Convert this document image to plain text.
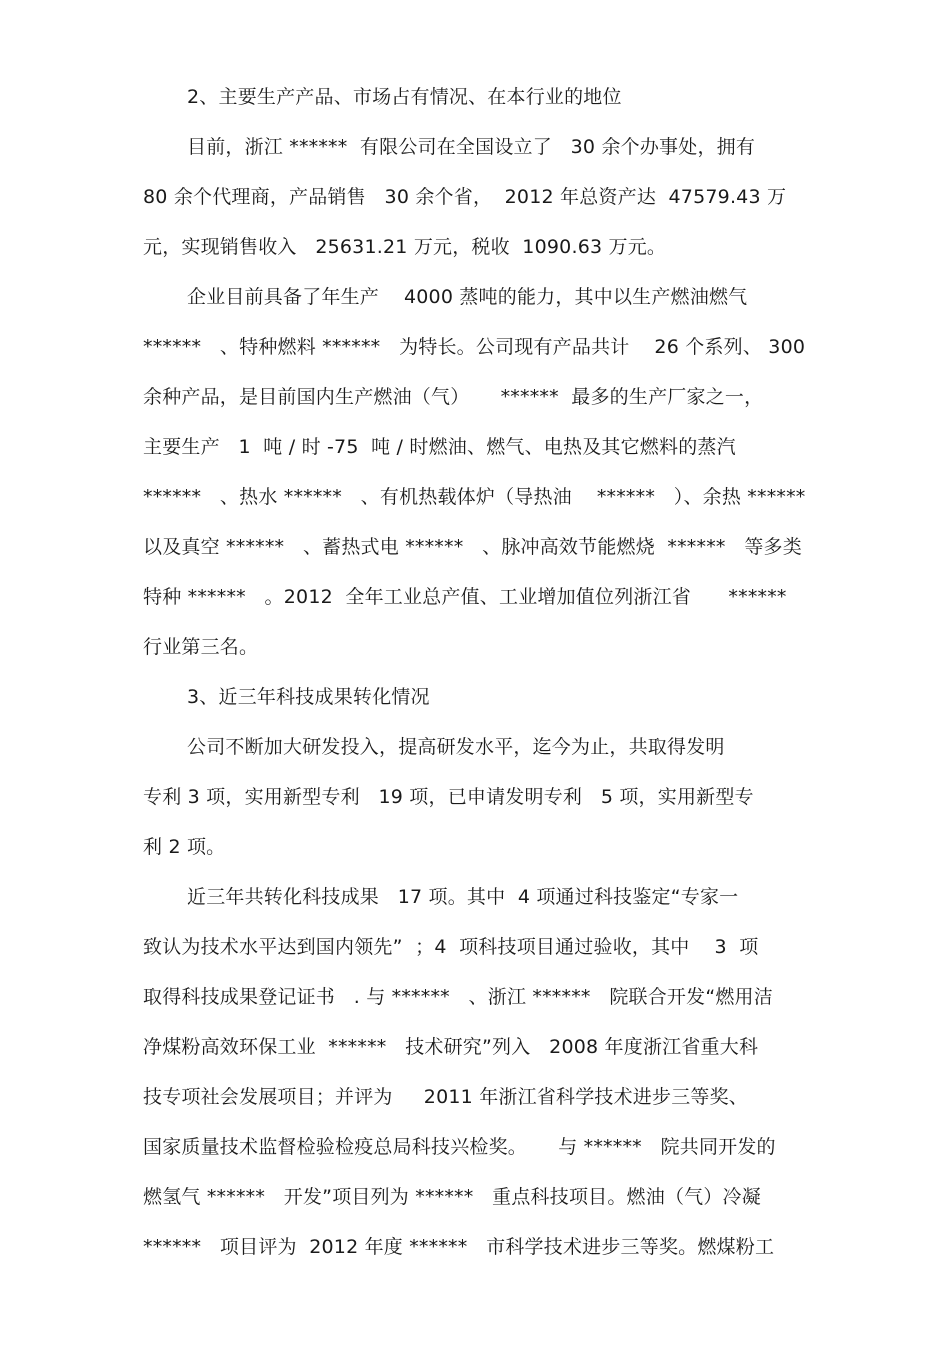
2、主要生产产品、市场占有情况、在本行业的地位
目前，浙江 ******  有限公司在全国设立了   30 余个办事处，拥有
80 余个代理商，产品销售   30 余个省，  2012 年总资产达  47579.43 万
元，实现销售收入   25631.21 万元，税收  1090.63 万元。
企业目前具备了年生产    4000 蒸吨的能力，其中以生产燃油燃气
******   、特种燃料 ******   为特长。公司现有产品共计    26 个系列、 300
余种产品，是目前国内生产燃油（气）     ******  最多的生产厂家之一，
主要生产   1  吨 / 时 -75  吨 / 时燃油、燃气、电热及其它燃料的蒸汽
******   、热水 ******   、有机热载体炉（导热油    ******   ）、余热 ******
以及真空 ******   、蓄热式电 ******   、脉冲高效节能燃烧  ******   等多类
特种 ******   。2012  全年工业总产值、工业增加值位列浙江省      ******
行业第三名。
3、近三年科技成果转化情况
公司不断加大研发投入，提高研发水平，迄今为止，共取得发明
专利 3 项，实用新型专利   19 项，已申请发明专利   5 项，实用新型专
利 2 项。
近三年共转化科技成果   17 项。其中  4 项通过科技鉴定“专家一
致认为技术水平达到国内领先”  ；4  项科技项目通过验收，其中    3  项
取得科技成果登记证书   . 与 ******   、浙江 ******   院联合开发“燃用洁
净煤粉高效环保工业  ******   技术研究”列入   2008 年度浙江省重大科
技专项社会发展项目；并评为     2011 年浙江省科学技术进步三等奖、
国家质量技术监督检验检疫总局科技兴检奖。     与 ******   院共同开发的
燃氢气 ******   开发”项目列为 ******   重点科技项目。燃油（气）冷凝
******   项目评为  2012 年度 ******   市科学技术进步三等奖。燃煤粉工
